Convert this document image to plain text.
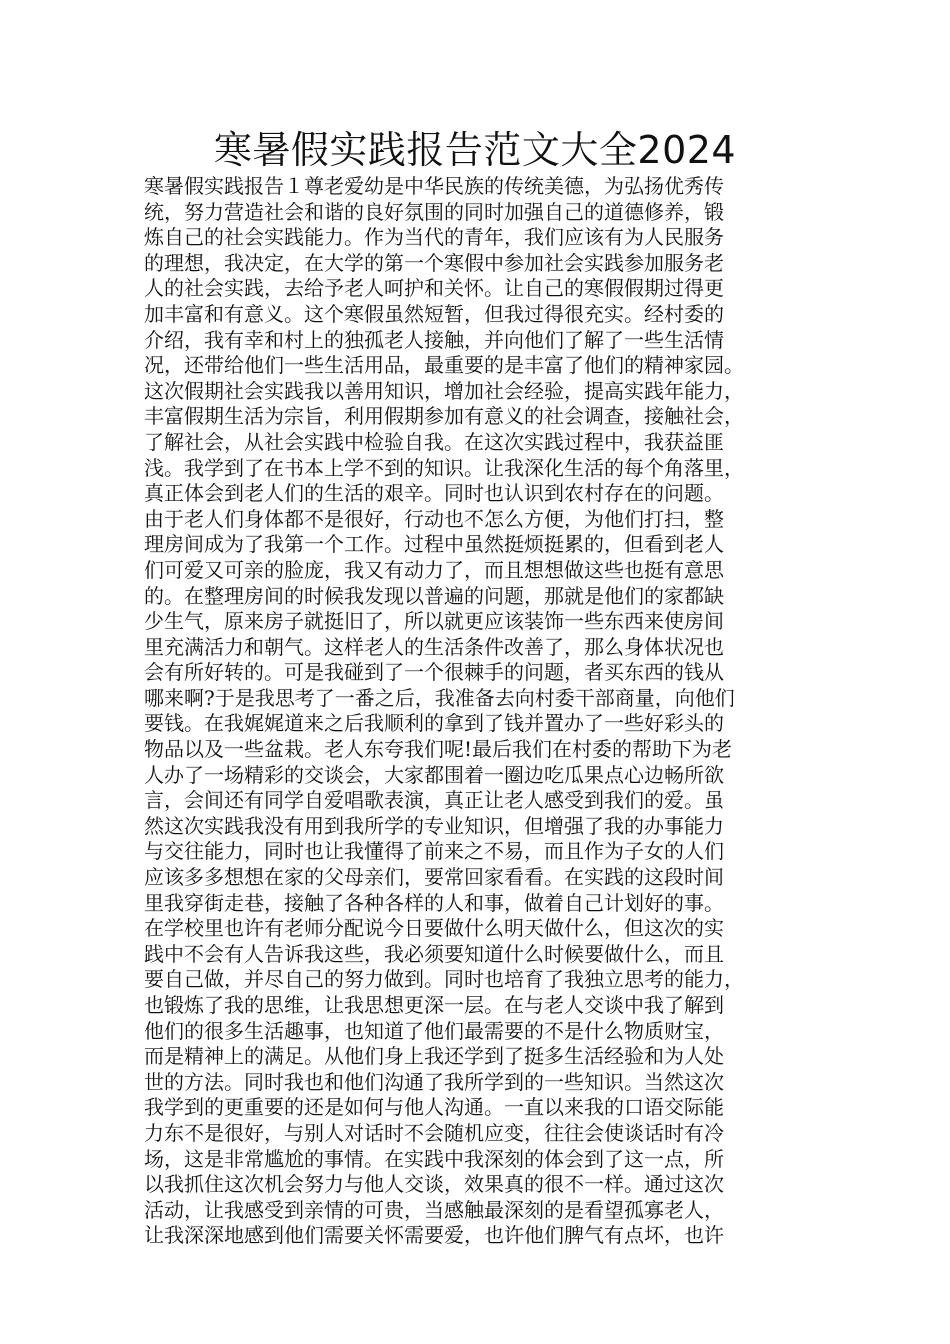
寒暑假实践报告范文大全2024
寒暑假实践报告１尊老爱幼是中华民族的传统美德，为弘扬优秀传
统，努力营造社会和谐的良好氛围的同时加强自己的道德修养，锻
炼自己的社会实践能力。作为当代的青年，我们应该有为人民服务
的理想，我决定，在大学的第一个寒假中参加社会实践参加服务老
人的社会实践，去给予老人呵护和关怀。让自己的寒假假期过得更
加丰富和有意义。这个寒假虽然短暂，但我过得很充实。经村委的
介绍，我有幸和村上的独孤老人接触，并向他们了解了一些生活情
况，还带给他们一些生活用品，最重要的是丰富了他们的精神家园。
这次假期社会实践我以善用知识，增加社会经验，提高实践年能力，
丰富假期生活为宗旨，利用假期参加有意义的社会调查，接触社会，
了解社会，从社会实践中检验自我。在这次实践过程中，我获益匪
浅。我学到了在书本上学不到的知识。让我深化生活的每个角落里，
真正体会到老人们的生活的艰辛。同时也认识到农村存在的问题。
由于老人们身体都不是很好，行动也不怎么方便，为他们打扫，整
理房间成为了我第一个工作。过程中虽然挺烦挺累的，但看到老人
们可爱又可亲的脸庞，我又有动力了，而且想想做这些也挺有意思
的。在整理房间的时候我发现以普遍的问题，那就是他们的家都缺
少生气，原来房子就挺旧了，所以就更应该装饰一些东西来使房间
里充满活力和朝气。这样老人的生活条件改善了，那么身体状况也
会有所好转的。可是我碰到了一个很棘手的问题，者买东西的钱从
哪来啊?于是我思考了一番之后，我准备去向村委干部商量，向他们
要钱。在我娓娓道来之后我顺利的拿到了钱并置办了一些好彩头的
物品以及一些盆栽。老人东夸我们呢!最后我们在村委的帮助下为老
人办了一场精彩的交谈会，大家都围着一圈边吃瓜果点心边畅所欲
言，会间还有同学自爱唱歌表演，真正让老人感受到我们的爱。虽
然这次实践我没有用到我所学的专业知识，但增强了我的办事能力
与交往能力，同时也让我懂得了前来之不易，而且作为子女的人们
应该多多想想在家的父母亲们，要常回家看看。在实践的这段时间
里我穿街走巷，接触了各种各样的人和事，做着自己计划好的事。
在学校里也许有老师分配说今日要做什么明天做什么，但这次的实
践中不会有人告诉我这些，我必须要知道什么时候要做什么，而且
要自己做，并尽自己的努力做到。同时也培育了我独立思考的能力，
也锻炼了我的思维，让我思想更深一层。在与老人交谈中我了解到
他们的很多生活趣事，也知道了他们最需要的不是什么物质财宝，
而是精神上的满足。从他们身上我还学到了挺多生活经验和为人处
世的方法。同时我也和他们沟通了我所学到的一些知识。当然这次
我学到的更重要的还是如何与他人沟通。一直以来我的口语交际能
力东不是很好，与别人对话时不会随机应变，往往会使谈话时有冷
场，这是非常尴尬的事情。在实践中我深刻的体会到了这一点，所
以我抓住这次机会努力与他人交谈，效果真的很不一样。通过这次
活动，让我感受到亲情的可贵，当感触最深刻的是看望孤寡老人，
让我深深地感到他们需要关怀需要爱，也许他们脾气有点坏，也许
